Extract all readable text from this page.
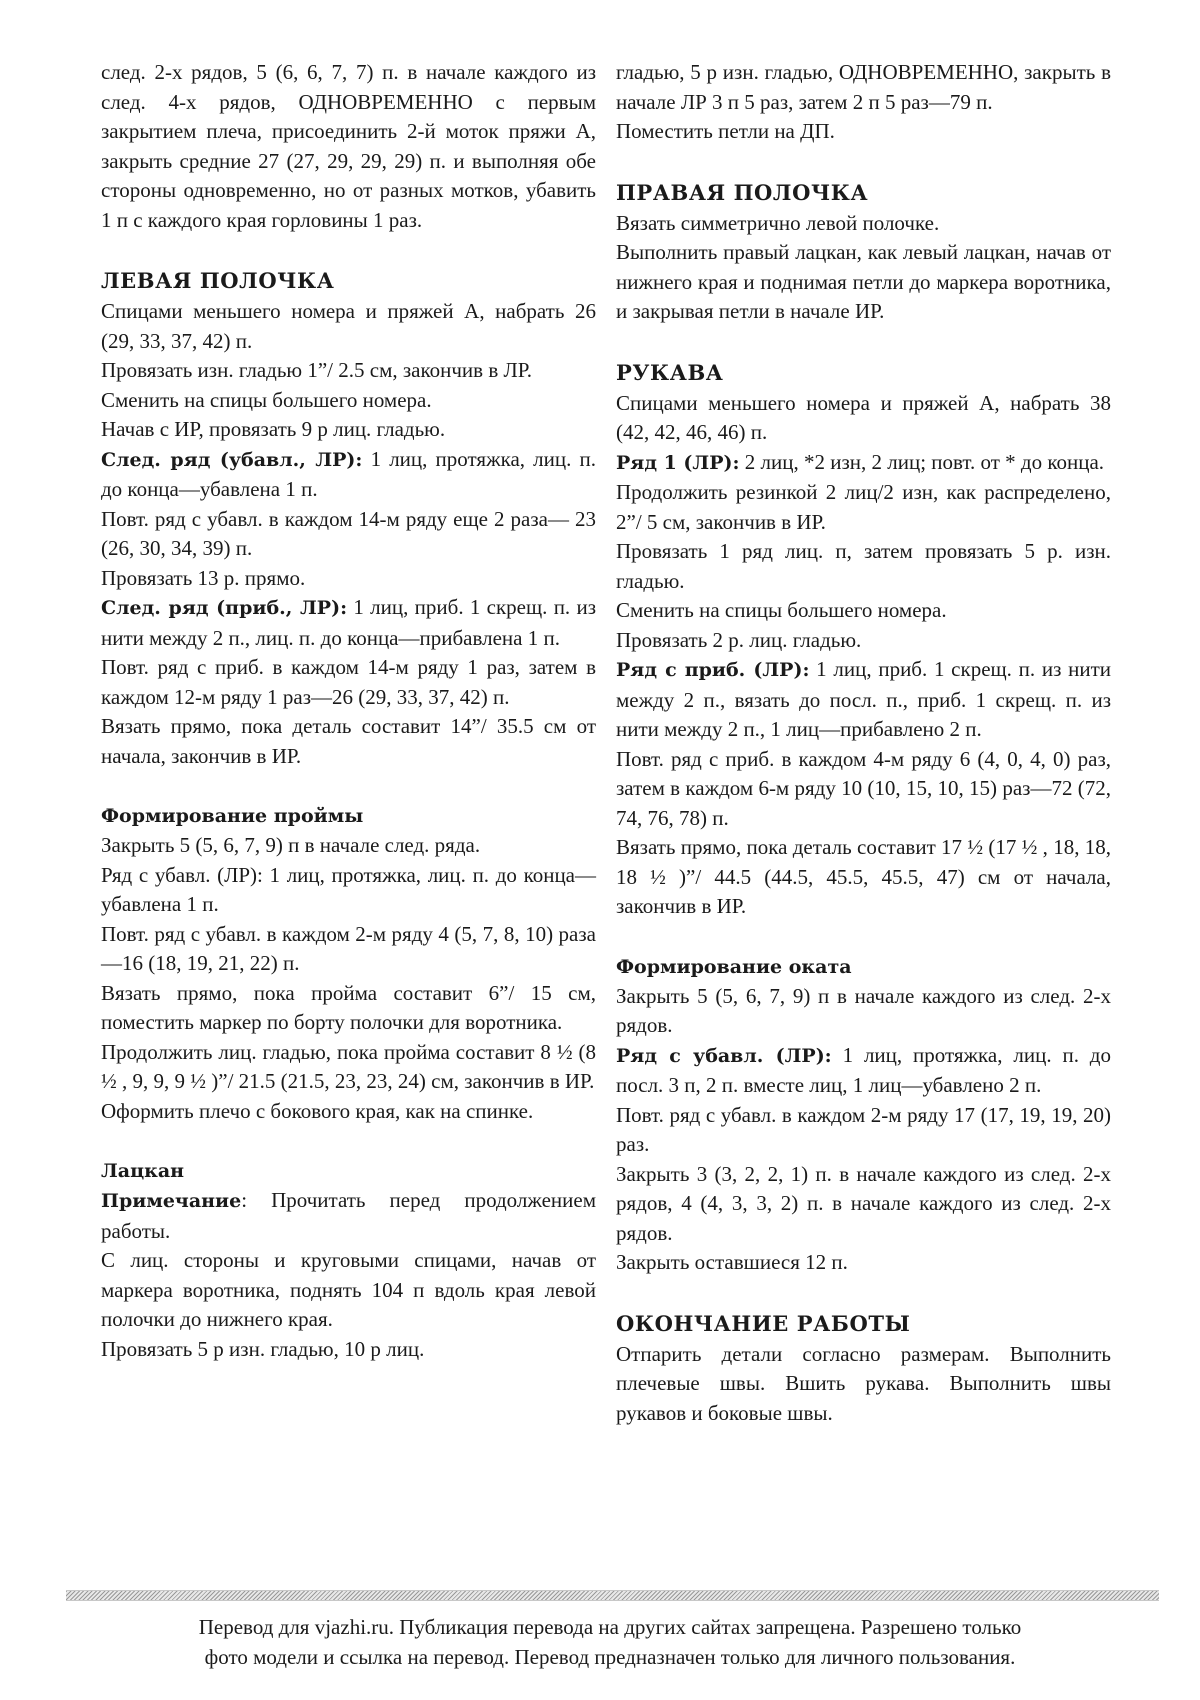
след. 2-х рядов, 5 (6, 6, 7, 7) п. в начале каждого из след. 4-х рядов, ОДНОВРЕМЕННО с первым закрытием плеча, присоединить 2-й моток пряжи А, закрыть средние 27 (27, 29, 29, 29) п. и выполняя обе стороны одновременно, но от разных мотков, убавить 1 п с каждого края горловины 1 раз.

ЛЕВАЯ ПОЛОЧКА

Спицами меньшего номера и пряжей А, набрать 26 (29, 33, 37, 42) п.

Провязать изн. гладью 1”/ 2.5 см, закончив в ЛР.

Сменить на спицы большего номера.

Начав с ИР, провязать 9 р лиц. гладью.

След. ряд (убавл., ЛР): 1 лиц, протяжка, лиц. п. до конца—убавлена 1 п.

Повт. ряд с убавл. в каждом 14-м ряду еще 2 раза— 23 (26, 30, 34, 39) п.

Провязать 13 р. прямо.

След. ряд (приб., ЛР): 1 лиц, приб. 1 скрещ. п. из нити между 2 п., лиц. п. до конца—прибавлена 1 п.

Повт. ряд с приб. в каждом 14-м ряду 1 раз, затем в каждом 12-м ряду 1 раз—26 (29, 33, 37, 42) п.

Вязать прямо, пока деталь составит 14”/ 35.5 см от начала, закончив в ИР.

Формирование проймы

Закрыть 5 (5, 6, 7, 9) п в начале след. ряда.

Ряд с убавл. (ЛР): 1 лиц, протяжка, лиц. п. до конца—убавлена 1 п.

Повт. ряд с убавл. в каждом 2-м ряду 4 (5, 7, 8, 10) раза—16 (18, 19, 21, 22) п.

Вязать прямо, пока пройма составит 6”/ 15 см, поместить маркер по борту полочки для воротника.

Продолжить лиц. гладью, пока пройма составит 8 ½ (8 ½ , 9, 9, 9 ½ )”/ 21.5 (21.5, 23, 23, 24) см, закончив в ИР.

Оформить плечо с бокового края, как на спинке.

Лацкан

Примечание: Прочитать перед продолжением работы.

С лиц. стороны и круговыми спицами, начав от маркера воротника, поднять 104 п вдоль края левой полочки до нижнего края.

Провязать 5 р изн. гладью, 10 р лиц.

гладью, 5 р изн. гладью, ОДНОВРЕМЕННО, закрыть в начале ЛР 3 п 5 раз, затем 2 п 5 раз—79 п.

Поместить петли на ДП.

ПРАВАЯ ПОЛОЧКА

Вязать симметрично левой полочке.

Выполнить правый лацкан, как левый лацкан, начав от нижнего края и поднимая петли до маркера воротника, и закрывая петли в начале ИР.

РУКАВА

Спицами меньшего номера и пряжей А, набрать 38 (42, 42, 46, 46) п.

Ряд 1 (ЛР): 2 лиц, *2 изн, 2 лиц; повт. от * до конца.

Продолжить резинкой 2 лиц/2 изн, как распределено, 2”/ 5 см, закончив в ИР.

Провязать 1 ряд лиц. п, затем провязать 5 р. изн. гладью.

Сменить на спицы большего номера.

Провязать 2 р. лиц. гладью.

Ряд с приб. (ЛР): 1 лиц, приб. 1 скрещ. п. из нити между 2 п., вязать до посл. п., приб. 1 скрещ. п. из нити между 2 п., 1 лиц—прибавлено 2 п.

Повт. ряд с приб. в каждом 4-м ряду 6 (4, 0, 4, 0) раз, затем в каждом 6-м ряду 10 (10, 15, 10, 15) раз—72 (72, 74, 76, 78) п.

Вязать прямо, пока деталь составит 17 ½ (17 ½ , 18, 18, 18 ½ )”/ 44.5 (44.5, 45.5, 45.5, 47) см от начала, закончив в ИР.

Формирование оката

Закрыть 5 (5, 6, 7, 9) п в начале каждого из след. 2-х рядов.

Ряд с убавл. (ЛР): 1 лиц, протяжка, лиц. п. до посл. 3 п, 2 п. вместе лиц, 1 лиц—убавлено 2 п.

Повт. ряд с убавл. в каждом 2-м ряду 17 (17, 19, 19, 20) раз.

Закрыть 3 (3, 2, 2, 1) п. в начале каждого из след. 2-х рядов, 4 (4, 3, 3, 2) п. в начале каждого из след. 2-х рядов.

Закрыть оставшиеся 12 п.

ОКОНЧАНИЕ РАБОТЫ

Отпарить детали согласно размерам. Выполнить плечевые швы. Вшить рукава. Выполнить швы рукавов и боковые швы.

Перевод для vjazhi.ru. Публикация перевода на других сайтах запрещена. Разрешено только
фото модели и ссылка на перевод. Перевод предназначен только для личного пользования.
